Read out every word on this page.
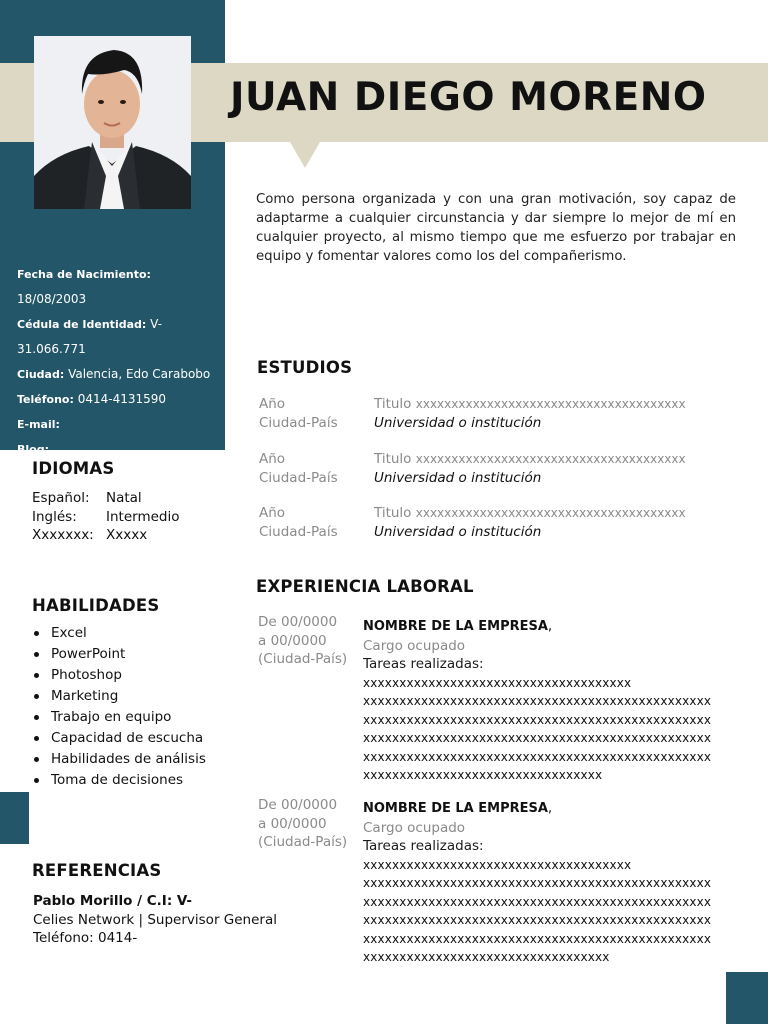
JUAN DIEGO MORENO
Fecha de Nacimiento:
18/08/2003
Cédula de Identidad: V-31.066.771
Ciudad: Valencia, Edo Carabobo
Teléfono: 0414-4131590
E-mail:
Blog:

Como persona organizada y con una gran motivación, soy capaz de adaptarme a cualquier circunstancia y dar siempre lo mejor de mí en cualquier proyecto, al mismo tiempo que me esfuerzo por trabajar en equipo y fomentar valores como los del compañerismo.

IDIOMAS
Español:	Natal
Inglés:	Intermedio
Xxxxxxx: Xxxxx
HABILIDADES
Excel
PowerPoint
Photoshop
Marketing
Trabajo en equipo
Capacidad de escucha
Habilidades de análisis
Toma de decisiones
REFERENCIAS
Pablo Morillo / C.I: V-
Celies Network | Supervisor General
Teléfono: 0414-
ESTUDIOS
Año
Ciudad-País
Titulo xxxxxxxxxxxxxxxxxxxxxxxxxxxxxxxxxxxxxx
Universidad o institución
Año
Ciudad-País
Titulo xxxxxxxxxxxxxxxxxxxxxxxxxxxxxxxxxxxxxx
Universidad o institución
Año
Ciudad-País
Titulo xxxxxxxxxxxxxxxxxxxxxxxxxxxxxxxxxxxxxx
Universidad o institución
EXPERIENCIA LABORAL
De 00/0000
a 00/0000
(Ciudad-País)
NOMBRE DE LA EMPRESA,
Cargo ocupado
Tareas realizadas:
xxxxxxxxxxxxxxxxxxxxxxxxxxxxxxxxxxxxx
xxxxxxxxxxxxxxxxxxxxxxxxxxxxxxxxxxxxxxxxxxxxxxxx
xxxxxxxxxxxxxxxxxxxxxxxxxxxxxxxxxxxxxxxxxxxxxxxx
xxxxxxxxxxxxxxxxxxxxxxxxxxxxxxxxxxxxxxxxxxxxxxxx
xxxxxxxxxxxxxxxxxxxxxxxxxxxxxxxxxxxxxxxxxxxxxxxx
xxxxxxxxxxxxxxxxxxxxxxxxxxxxxxxxx
De 00/0000
a 00/0000
(Ciudad-País)
NOMBRE DE LA EMPRESA,
Cargo ocupado
Tareas realizadas:
xxxxxxxxxxxxxxxxxxxxxxxxxxxxxxxxxxxxx
xxxxxxxxxxxxxxxxxxxxxxxxxxxxxxxxxxxxxxxxxxxxxxxx
xxxxxxxxxxxxxxxxxxxxxxxxxxxxxxxxxxxxxxxxxxxxxxxx
xxxxxxxxxxxxxxxxxxxxxxxxxxxxxxxxxxxxxxxxxxxxxxxx
xxxxxxxxxxxxxxxxxxxxxxxxxxxxxxxxxxxxxxxxxxxxxxxx
xxxxxxxxxxxxxxxxxxxxxxxxxxxxxxxxxx
